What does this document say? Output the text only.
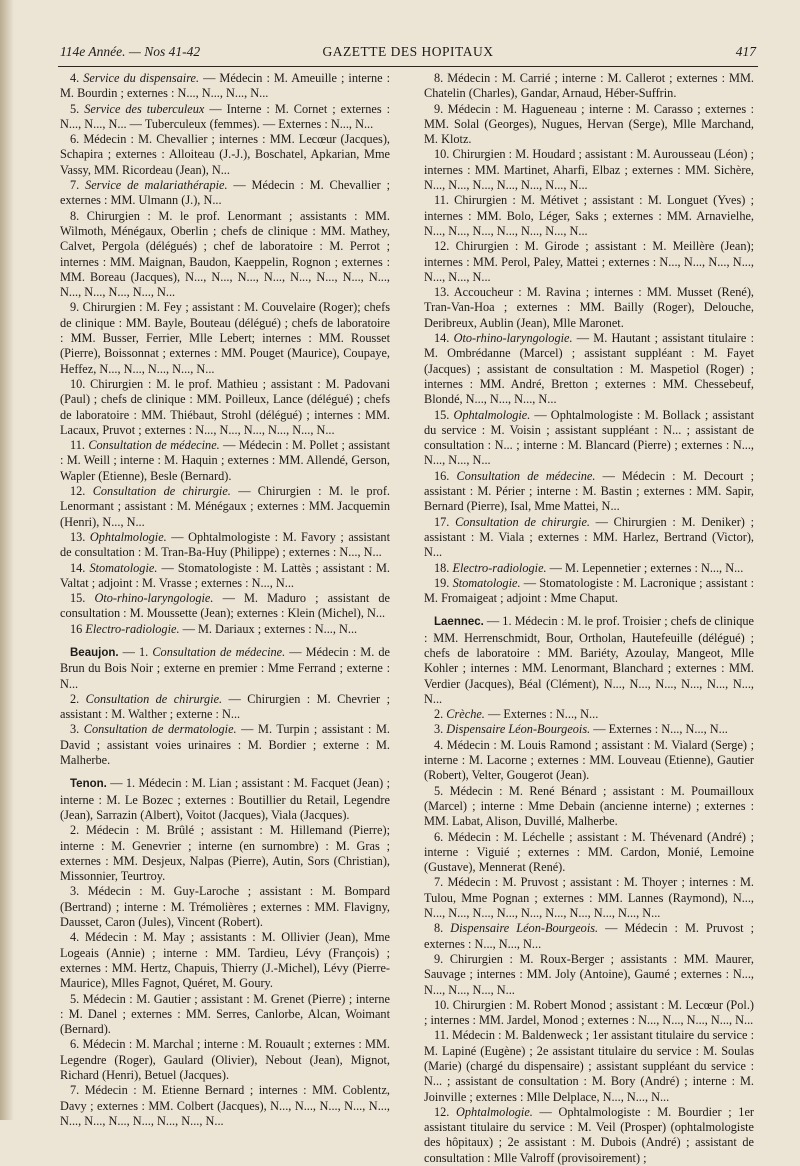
114e Année. — Nos 41-42	GAZETTE DES HOPITAUX	417

4. Service du dispensaire. — Médecin : M. Ameuille ; interne : M. Bourdin ; externes : N..., N..., N..., N...

5. Service des tuberculeux — Interne : M. Cornet ; externes : N..., N..., N... — Tuberculeux (femmes). — Externes : N..., N...

6. Médecin : M. Chevallier ; internes : MM. Lecœur (Jacques), Schapira ; externes : Alloiteau (J.-J.), Boschatel, Apkarian, Mme Vassy, MM. Ricordeau (Jean), N...

7. Service de malariathérapie. — Médecin : M. Chevallier ; externes : MM. Ulmann (J.), N...

8. Chirurgien : M. le prof. Lenormant ; assistants : MM. Wilmoth, Ménégaux, Oberlin ; chefs de clinique : MM. Mathey, Calvet, Pergola (délégués) ; chef de laboratoire : M. Perrot ; internes : MM. Maignan, Baudon, Kaeppelin, Rognon ; externes : MM. Boreau (Jacques), N..., N..., N..., N..., N..., N..., N..., N..., N..., N..., N..., N..., N...

9. Chirurgien : M. Fey ; assistant : M. Couvelaire (Roger); chefs de clinique : MM. Bayle, Bouteau (délégué) ; chefs de laboratoire : MM. Busser, Ferrier, Mlle Lebert; internes : MM. Rousset (Pierre), Boissonnat ; externes : MM. Pouget (Maurice), Coupaye, Heffez, N..., N..., N..., N..., N...

10. Chirurgien : M. le prof. Mathieu ; assistant : M. Padovani (Paul) ; chefs de clinique : MM. Poilleux, Lance (délégué) ; chefs de laboratoire : MM. Thiébaut, Strohl (délégué) ; internes : MM. Lacaux, Pruvot ; externes : N..., N..., N..., N..., N..., N...

11. Consultation de médecine. — Médecin : M. Pollet ; assistant : M. Weill ; interne : M. Haquin ; externes : MM. Allendé, Gerson, Wapler (Etienne), Besle (Bernard).

12. Consultation de chirurgie. — Chirurgien : M. le prof. Lenormant ; assistant : M. Ménégaux ; externes : MM. Jacquemin (Henri), N..., N...

13. Ophtalmologie. — Ophtalmologiste : M. Favory ; assistant de consultation : M. Tran-Ba-Huy (Philippe) ; externes : N..., N...

14. Stomatologie. — Stomatologiste : M. Lattès ; assistant : M. Valtat ; adjoint : M. Vrasse ; externes : N..., N...

15. Oto-rhino-laryngologie. — M. Maduro ; assistant de consultation : M. Moussette (Jean); externes : Klein (Michel), N...

16 Electro-radiologie. — M. Dariaux ; externes : N..., N...

Beaujon. — 1. Consultation de médecine. — Médecin : M. de Brun du Bois Noir ; externe en premier : Mme Ferrand ; externe : N...

2. Consultation de chirurgie. — Chirurgien : M. Chevrier ; assistant : M. Walther ; externe : N...

3. Consultation de dermatologie. — M. Turpin ; assistant : M. David ; assistant voies urinaires : M. Bordier ; externe : M. Malherbe.

Tenon. — 1. Médecin : M. Lian ; assistant : M. Facquet (Jean) ; interne : M. Le Bozec ; externes : Boutillier du Retail, Legendre (Jean), Sarrazin (Albert), Voitot (Jacques), Viala (Jacques).

2. Médecin : M. Brûlé ; assistant : M. Hillemand (Pierre); interne : M. Genevrier ; interne (en surnombre) : M. Gras ; externes : MM. Desjeux, Nalpas (Pierre), Autin, Sors (Christian), Missonnier, Teurtroy.

3. Médecin : M. Guy-Laroche ; assistant : M. Bompard (Bertrand) ; interne : M. Trémolières ; externes : MM. Flavigny, Dausset, Caron (Jules), Vincent (Robert).

4. Médecin : M. May ; assistants : M. Ollivier (Jean), Mme Logeais (Annie) ; interne : MM. Tardieu, Lévy (François) ; externes : MM. Hertz, Chapuis, Thierry (J.-Michel), Lévy (Pierre-Maurice), Mlles Fagnot, Quéret, M. Goury.

5. Médecin : M. Gautier ; assistant : M. Grenet (Pierre) ; interne : M. Danel ; externes : MM. Serres, Canlorbe, Alcan, Woimant (Bernard).

6. Médecin : M. Marchal ; interne : M. Rouault ; externes : MM. Legendre (Roger), Gaulard (Olivier), Nebout (Jean), Mignot, Richard (Henri), Betuel (Jacques).

7. Médecin : M. Etienne Bernard ; internes : MM. Coblentz, Davy ; externes : MM. Colbert (Jacques), N..., N..., N..., N..., N..., N..., N..., N..., N..., N..., N..., N...

8. Médecin : M. Carrié ; interne : M. Callerot ; externes : MM. Chatelin (Charles), Gandar, Arnaud, Héber-Suffrin.

9. Médecin : M. Hagueneau ; interne : M. Carasso ; externes : MM. Solal (Georges), Nugues, Hervan (Serge), Mlle Marchand, M. Klotz.

10. Chirurgien : M. Houdard ; assistant : M. Aurousseau (Léon) ; internes : MM. Martinet, Aharfi, Elbaz ; externes : MM. Sichère, N..., N..., N..., N..., N..., N..., N...

11. Chirurgien : M. Métivet ; assistant : M. Longuet (Yves) ; internes : MM. Bolo, Léger, Saks ; externes : MM. Arnavielhe, N..., N..., N..., N..., N..., N..., N...

12. Chirurgien : M. Girode ; assistant : M. Meillère (Jean); internes : MM. Perol, Paley, Mattei ; externes : N..., N..., N..., N..., N..., N..., N...

13. Accoucheur : M. Ravina ; internes : MM. Musset (René), Tran-Van-Hoa ; externes : MM. Bailly (Roger), Delouche, Deribreux, Aublin (Jean), Mlle Maronet.

14. Oto-rhino-laryngologie. — M. Hautant ; assistant titulaire : M. Ombrédanne (Marcel) ; assistant suppléant : M. Fayet (Jacques) ; assistant de consultation : M. Maspetiol (Roger) ; internes : MM. André, Bretton ; externes : MM. Chessebeuf, Blondé, N..., N..., N..., N...

15. Ophtalmologie. — Ophtalmologiste : M. Bollack ; assistant du service : M. Voisin ; assistant suppléant : N... ; assistant de consultation : N... ; interne : M. Blancard (Pierre) ; externes : N..., N..., N..., N...

16. Consultation de médecine. — Médecin : M. Decourt ; assistant : M. Périer ; interne : M. Bastin ; externes : MM. Sapir, Bernard (Pierre), Isal, Mme Mattei, N...

17. Consultation de chirurgie. — Chirurgien : M. Deniker) ; assistant : M. Viala ; externes : MM. Harlez, Bertrand (Victor), N...

18. Electro-radiologie. — M. Lepennetier ; externes : N..., N...

19. Stomatologie. — Stomatologiste : M. Lacronique ; assistant : M. Fromaigeat ; adjoint : Mme Chaput.

Laennec. — 1. Médecin : M. le prof. Troisier ; chefs de clinique : MM. Herrenschmidt, Bour, Ortholan, Hautefeuille (délégué) ; chefs de laboratoire : MM. Bariéty, Azoulay, Mangeot, Mlle Kohler ; internes : MM. Lenormant, Blanchard ; externes : MM. Verdier (Jacques), Béal (Clément), N..., N..., N..., N..., N..., N..., N...

2. Crèche. — Externes : N..., N...

3. Dispensaire Léon-Bourgeois. — Externes : N..., N..., N...

4. Médecin : M. Louis Ramond ; assistant : M. Vialard (Serge) ; interne : M. Lacorne ; externes : MM. Louveau (Etienne), Gautier (Robert), Velter, Gougerot (Jean).

5. Médecin : M. René Bénard ; assistant : M. Poumailloux (Marcel) ; interne : Mme Debain (ancienne interne) ; externes : MM. Labat, Alison, Duvillé, Malherbe.

6. Médecin : M. Léchelle ; assistant : M. Thévenard (André) ; interne : Viguié ; externes : MM. Cardon, Monié, Lemoine (Gustave), Mennerat (René).

7. Médecin : M. Pruvost ; assistant : M. Thoyer ; internes : M. Tulou, Mme Pognan ; externes : MM. Lannes (Raymond), N..., N..., N..., N..., N..., N..., N..., N..., N..., N..., N...

8. Dispensaire Léon-Bourgeois. — Médecin : M. Pruvost ; externes : N..., N..., N...

9. Chirurgien : M. Roux-Berger ; assistants : MM. Maurer, Sauvage ; internes : MM. Joly (Antoine), Gaumé ; externes : N..., N..., N..., N..., N...

10. Chirurgien : M. Robert Monod ; assistant : M. Lecœur (Pol.) ; internes : MM. Jardel, Monod ; externes : N..., N..., N..., N..., N...

11. Médecin : M. Baldenweck ; 1er assistant titulaire du service : M. Lapiné (Eugène) ; 2e assistant titulaire du service : M. Soulas (Marie) (chargé du dispensaire) ; assistant suppléant du service : N... ; assistant de consultation : M. Bory (André) ; interne : M. Joinville ; externes : Mlle Delplace, N..., N..., N...

12. Ophtalmologie. — Ophtalmologiste : M. Bourdier ; 1er assistant titulaire du service : M. Veil (Prosper) (ophtalmologiste des hôpitaux) ; 2e assistant : M. Dubois (André) ; assistant de consultation : Mlle Valroff (provisoirement) ;
